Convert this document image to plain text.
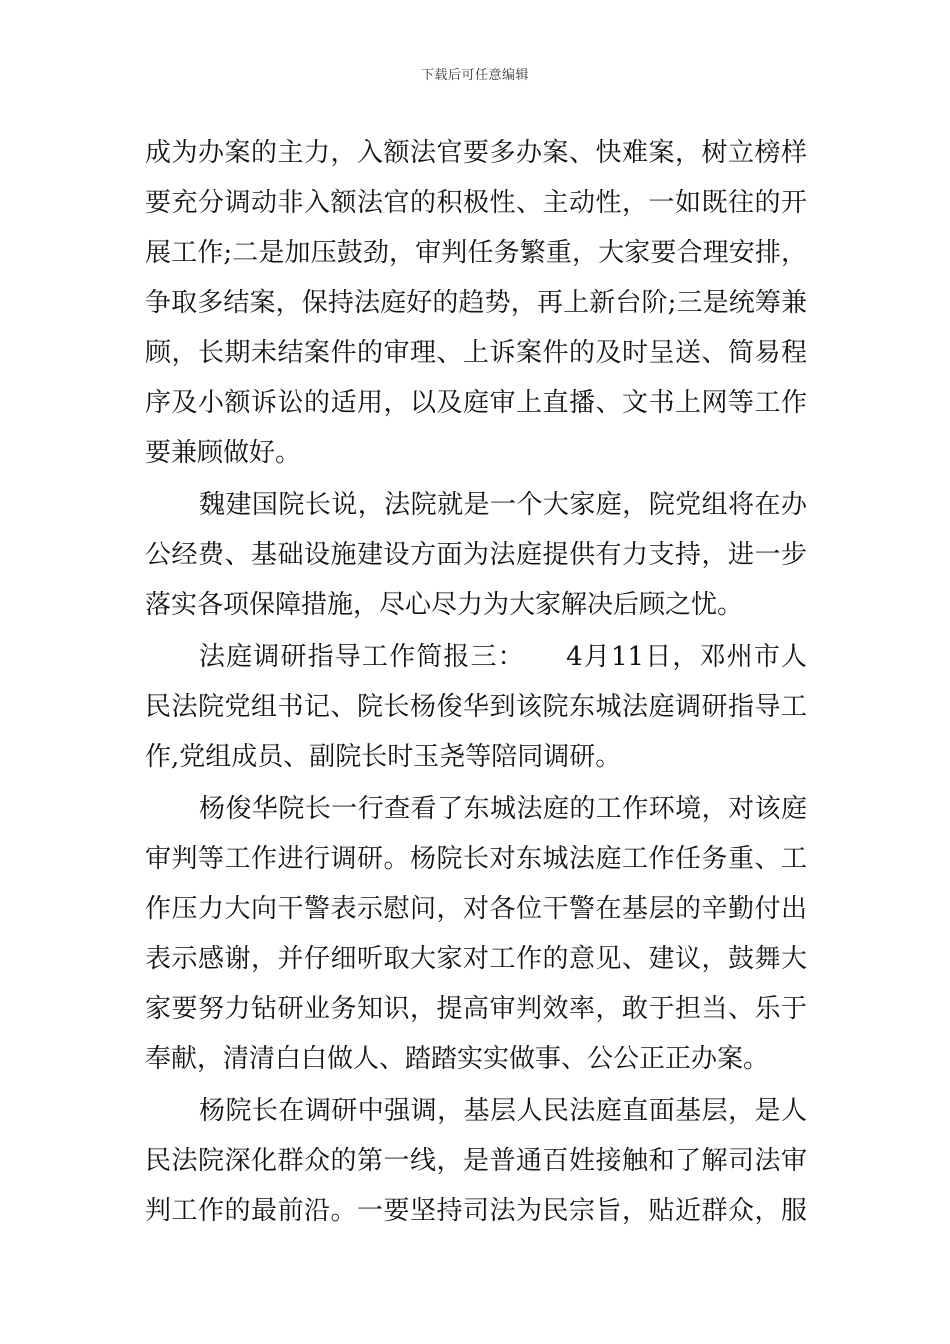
下载后可任意编辑
成为办案的主力，入额法官要多办案、快难案，树立榜样
要充分调动非入额法官的积极性、主动性，一如既往的开
展工作;二是加压鼓劲，审判任务繁重，大家要合理安排，
争取多结案，保持法庭好的趋势，再上新台阶;三是统筹兼
顾，长期未结案件的审理、上诉案件的及时呈送、简易程
序及小额诉讼的适用，以及庭审上直播、文书上网等工作
要兼顾做好。
魏建国院长说，法院就是一个大家庭，院党组将在办
公经费、基础设施建设方面为法庭提供有力支持，进一步
落实各项保障措施，尽心尽力为大家解决后顾之忧。
法庭调研指导工作简报三：　　4月11日，邓州市人
民法院党组书记、院长杨俊华到该院东城法庭调研指导工
作,党组成员、副院长时玉尧等陪同调研。
杨俊华院长一行查看了东城法庭的工作环境，对该庭
审判等工作进行调研。杨院长对东城法庭工作任务重、工
作压力大向干警表示慰问，对各位干警在基层的辛勤付出
表示感谢，并仔细听取大家对工作的意见、建议，鼓舞大
家要努力钻研业务知识，提高审判效率，敢于担当、乐于
奉献，清清白白做人、踏踏实实做事、公公正正办案。
杨院长在调研中强调，基层人民法庭直面基层，是人
民法院深化群众的第一线，是普通百姓接触和了解司法审
判工作的最前沿。一要坚持司法为民宗旨，贴近群众，服
